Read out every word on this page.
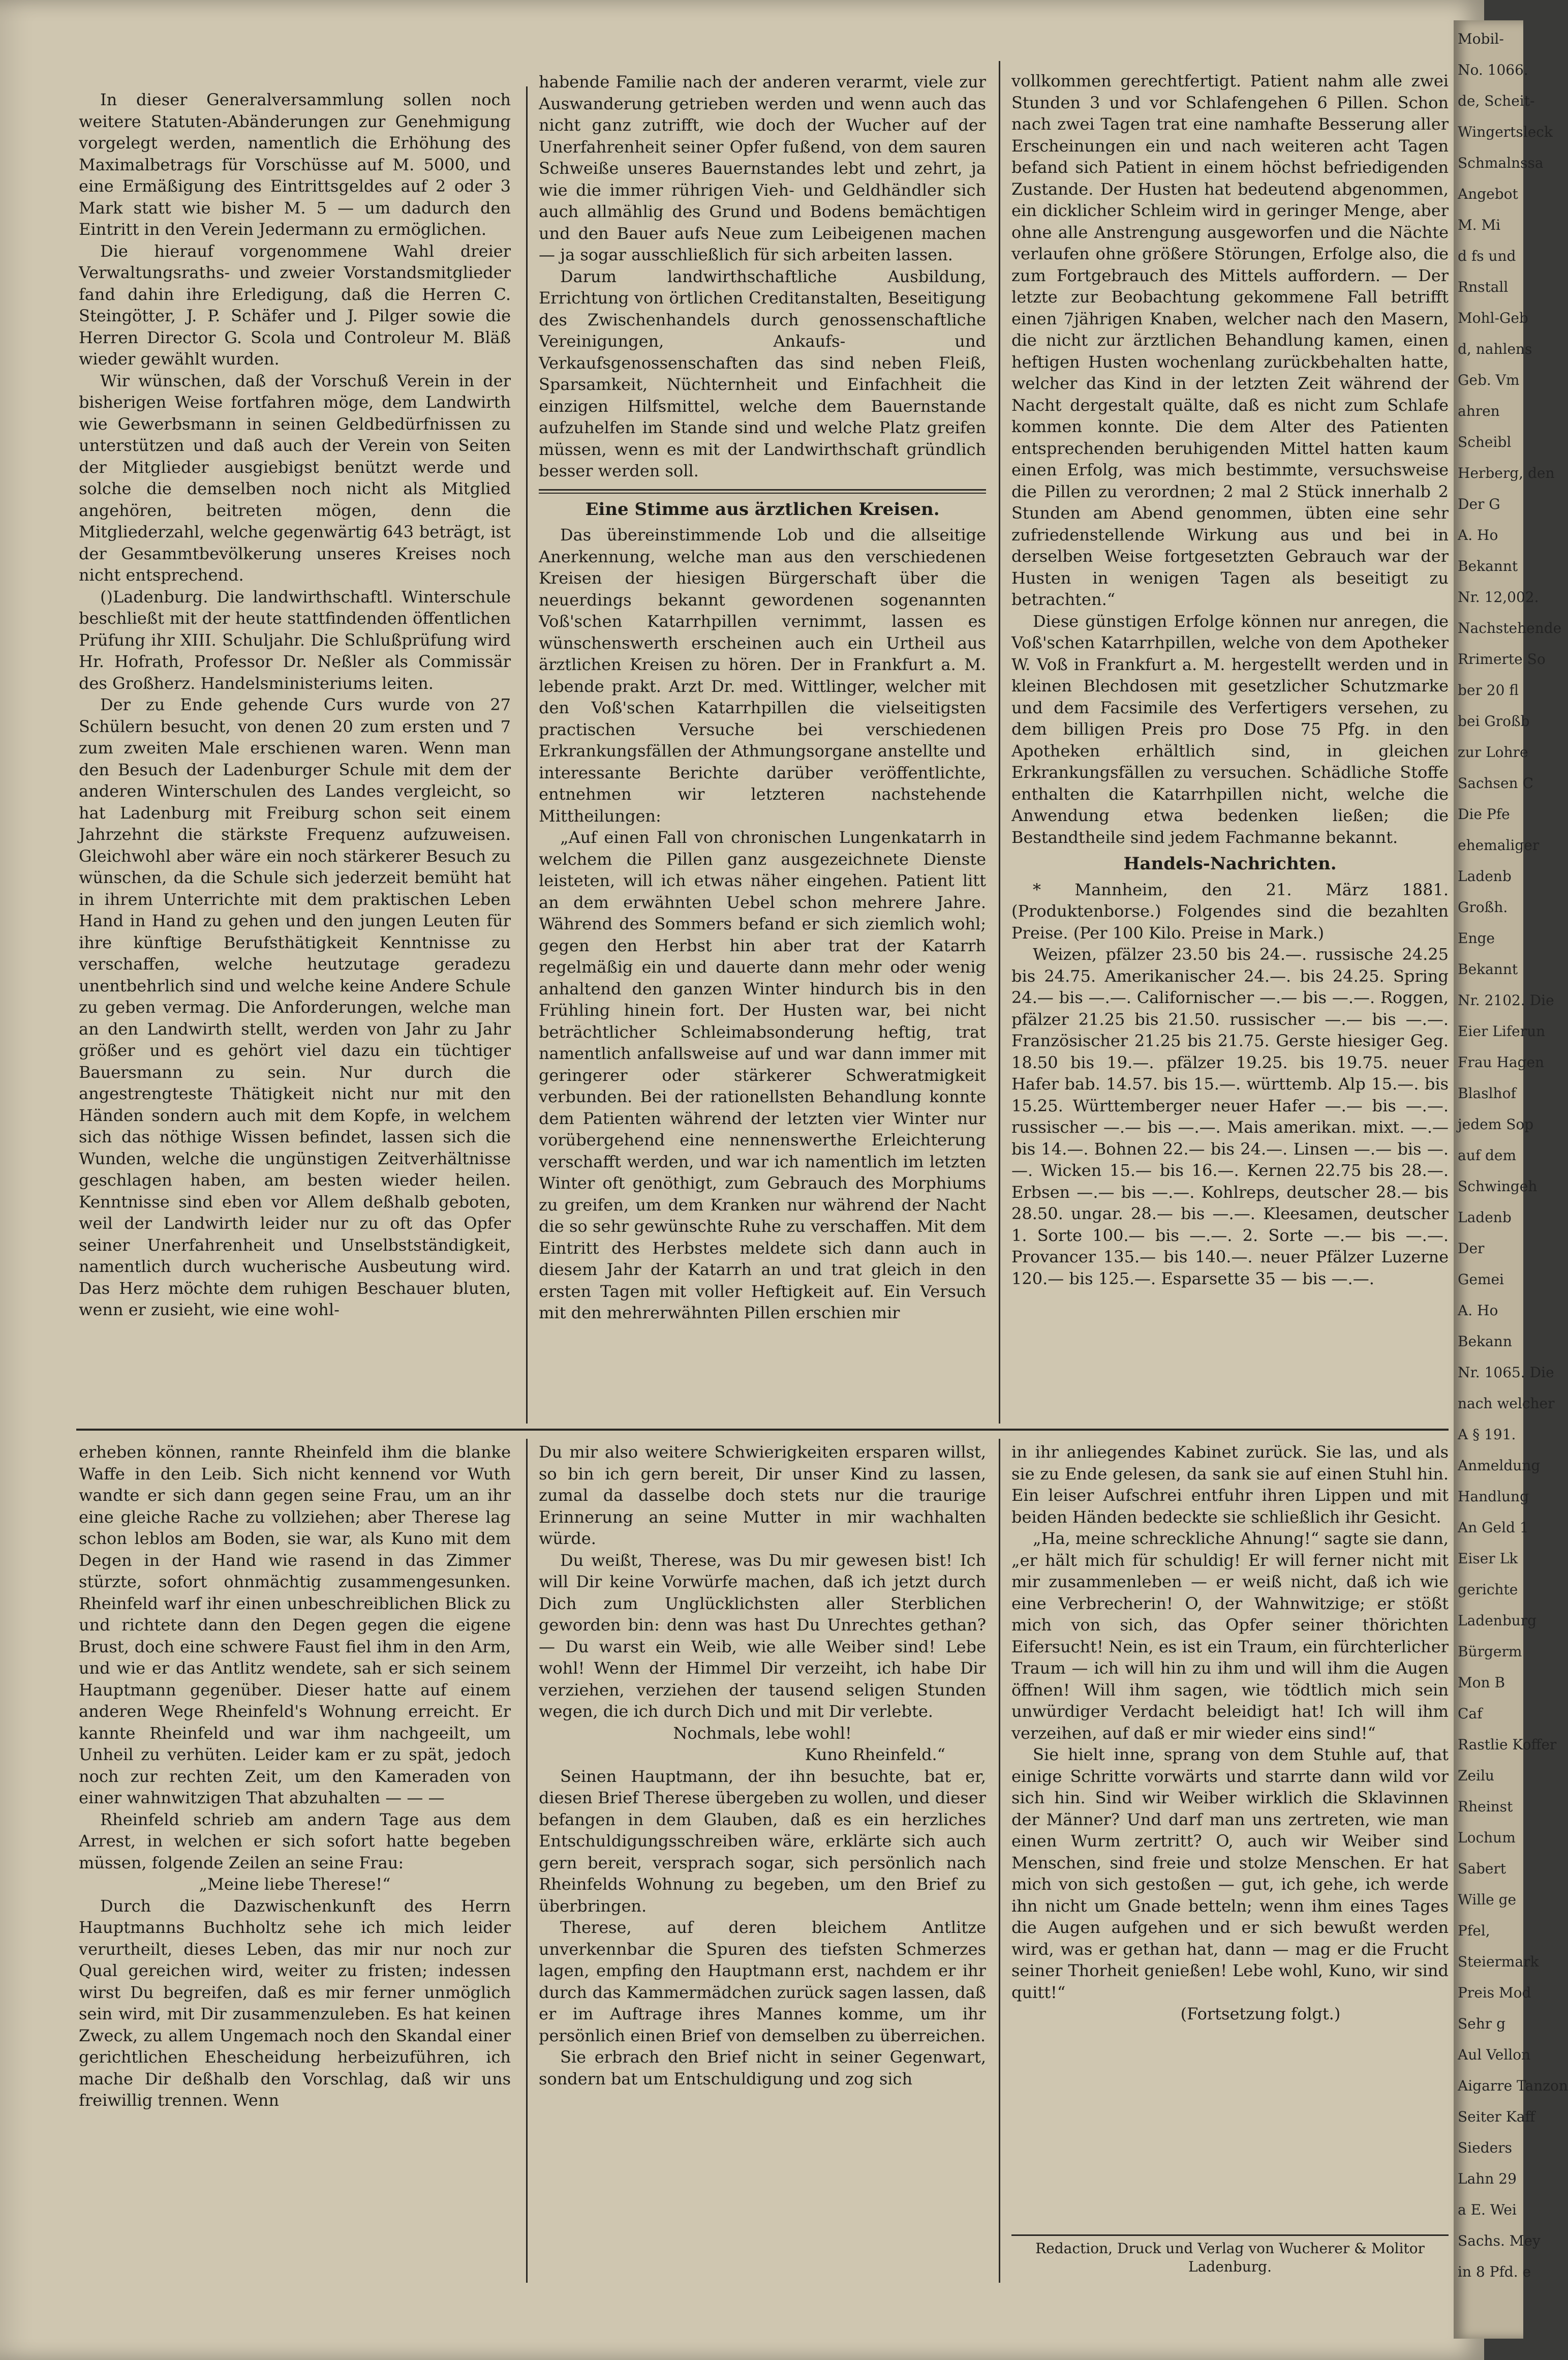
In dieser Generalversammlung sollen noch weitere Statuten-Abänderungen zur Genehmigung vorgelegt werden, namentlich die Erhöhung des Maximalbetrags für Vorschüsse auf M. 5000, und eine Ermäßigung des Eintrittsgeldes auf 2 oder 3 Mark statt wie bisher M. 5 — um dadurch den Eintritt in den Verein Jedermann zu ermöglichen.

Die hierauf vorgenommene Wahl dreier Verwaltungsraths- und zweier Vorstandsmitglieder fand dahin ihre Erledigung, daß die Herren C. Steingötter, J. P. Schäfer und J. Pilger sowie die Herren Director G. Scola und Controleur M. Bläß wieder gewählt wurden.

Wir wünschen, daß der Vorschuß Verein in der bisherigen Weise fortfahren möge, dem Landwirth wie Gewerbsmann in seinen Geldbedürfnissen zu unterstützen und daß auch der Verein von Seiten der Mitglieder ausgiebigst benützt werde und solche die demselben noch nicht als Mitglied angehören, beitreten mögen, denn die Mitgliederzahl, welche gegenwärtig 643 beträgt, ist der Gesammtbevölkerung unseres Kreises noch nicht entsprechend.

()Ladenburg. Die landwirthschaftl. Winterschule beschließt mit der heute stattfindenden öffentlichen Prüfung ihr XIII. Schuljahr. Die Schlußprüfung wird Hr. Hofrath, Professor Dr. Neßler als Commissär des Großherz. Handelsministeriums leiten.

Der zu Ende gehende Curs wurde von 27 Schülern besucht, von denen 20 zum ersten und 7 zum zweiten Male erschienen waren. Wenn man den Besuch der Ladenburger Schule mit dem der anderen Winterschulen des Landes vergleicht, so hat Ladenburg mit Freiburg schon seit einem Jahrzehnt die stärkste Frequenz aufzuweisen. Gleichwohl aber wäre ein noch stärkerer Besuch zu wünschen, da die Schule sich jederzeit bemüht hat in ihrem Unterrichte mit dem praktischen Leben Hand in Hand zu gehen und den jungen Leuten für ihre künftige Berufsthätigkeit Kenntnisse zu verschaffen, welche heutzutage geradezu unentbehrlich sind und welche keine Andere Schule zu geben vermag. Die Anforderungen, welche man an den Landwirth stellt, werden von Jahr zu Jahr größer und es gehört viel dazu ein tüchtiger Bauersmann zu sein. Nur durch die angestrengteste Thätigkeit nicht nur mit den Händen sondern auch mit dem Kopfe, in welchem sich das nöthige Wissen befindet, lassen sich die Wunden, welche die ungünstigen Zeitverhältnisse geschlagen haben, am besten wieder heilen. Kenntnisse sind eben vor Allem deßhalb geboten, weil der Landwirth leider nur zu oft das Opfer seiner Unerfahrenheit und Unselbstständigkeit, namentlich durch wucherische Ausbeutung wird. Das Herz möchte dem ruhigen Beschauer bluten, wenn er zusieht, wie eine wohl-

habende Familie nach der anderen verarmt, viele zur Auswanderung getrieben werden und wenn auch das nicht ganz zutrifft, wie doch der Wucher auf der Unerfahrenheit seiner Opfer fußend, von dem sauren Schweiße unseres Bauernstandes lebt und zehrt, ja wie die immer rührigen Vieh- und Geldhändler sich auch allmählig des Grund und Bodens bemächtigen und den Bauer aufs Neue zum Leibeigenen machen — ja sogar ausschließlich für sich arbeiten lassen.

Darum landwirthschaftliche Ausbildung, Errichtung von örtlichen Creditanstalten, Beseitigung des Zwischenhandels durch genossenschaftliche Vereinigungen, Ankaufs- und Verkaufsgenossenschaften das sind neben Fleiß, Sparsamkeit, Nüchternheit und Einfachheit die einzigen Hilfsmittel, welche dem Bauernstande aufzuhelfen im Stande sind und welche Platz greifen müssen, wenn es mit der Landwirthschaft gründlich besser werden soll.

Eine Stimme aus ärztlichen Kreisen.

Das übereinstimmende Lob und die allseitige Anerkennung, welche man aus den verschiedenen Kreisen der hiesigen Bürgerschaft über die neuerdings bekannt gewordenen sogenannten Voß'schen Katarrhpillen vernimmt, lassen es wünschenswerth erscheinen auch ein Urtheil aus ärztlichen Kreisen zu hören. Der in Frankfurt a. M. lebende prakt. Arzt Dr. med. Wittlinger, welcher mit den Voß'schen Katarrhpillen die vielseitigsten practischen Versuche bei verschiedenen Erkrankungsfällen der Athmungsorgane anstellte und interessante Berichte darüber veröffentlichte, entnehmen wir letzteren nachstehende Mittheilungen:

„Auf einen Fall von chronischen Lungenkatarrh in welchem die Pillen ganz ausgezeichnete Dienste leisteten, will ich etwas näher eingehen. Patient litt an dem erwähnten Uebel schon mehrere Jahre. Während des Sommers befand er sich ziemlich wohl; gegen den Herbst hin aber trat der Katarrh regelmäßig ein und dauerte dann mehr oder wenig anhaltend den ganzen Winter hindurch bis in den Frühling hinein fort. Der Husten war, bei nicht beträchtlicher Schleimabsonderung heftig, trat namentlich anfallsweise auf und war dann immer mit geringerer oder stärkerer Schweratmigkeit verbunden. Bei der rationellsten Behandlung konnte dem Patienten während der letzten vier Winter nur vorübergehend eine nennenswerthe Erleichterung verschafft werden, und war ich namentlich im letzten Winter oft genöthigt, zum Gebrauch des Morphiums zu greifen, um dem Kranken nur während der Nacht die so sehr gewünschte Ruhe zu verschaffen. Mit dem Eintritt des Herbstes meldete sich dann auch in diesem Jahr der Katarrh an und trat gleich in den ersten Tagen mit voller Heftigkeit auf. Ein Versuch mit den mehrerwähnten Pillen erschien mir

vollkommen gerechtfertigt. Patient nahm alle zwei Stunden 3 und vor Schlafengehen 6 Pillen. Schon nach zwei Tagen trat eine namhafte Besserung aller Erscheinungen ein und nach weiteren acht Tagen befand sich Patient in einem höchst befriedigenden Zustande. Der Husten hat bedeutend abgenommen, ein dicklicher Schleim wird in geringer Menge, aber ohne alle Anstrengung ausgeworfen und die Nächte verlaufen ohne größere Störungen, Erfolge also, die zum Fortgebrauch des Mittels auffordern. — Der letzte zur Beobachtung gekommene Fall betrifft einen 7jährigen Knaben, welcher nach den Masern, die nicht zur ärztlichen Behandlung kamen, einen heftigen Husten wochenlang zurückbehalten hatte, welcher das Kind in der letzten Zeit während der Nacht dergestalt quälte, daß es nicht zum Schlafe kommen konnte. Die dem Alter des Patienten entsprechenden beruhigenden Mittel hatten kaum einen Erfolg, was mich bestimmte, versuchsweise die Pillen zu verordnen; 2 mal 2 Stück innerhalb 2 Stunden am Abend genommen, übten eine sehr zufriedenstellende Wirkung aus und bei in derselben Weise fortgesetzten Gebrauch war der Husten in wenigen Tagen als beseitigt zu betrachten.“

Diese günstigen Erfolge können nur anregen, die Voß'schen Katarrhpillen, welche von dem Apotheker W. Voß in Frankfurt a. M. hergestellt werden und in kleinen Blechdosen mit gesetzlicher Schutzmarke und dem Facsimile des Verfertigers versehen, zu dem billigen Preis pro Dose 75 Pfg. in den Apotheken erhältlich sind, in gleichen Erkrankungsfällen zu versuchen. Schädliche Stoffe enthalten die Katarrhpillen nicht, welche die Anwendung etwa bedenken ließen; die Bestandtheile sind jedem Fachmanne bekannt.

Handels-Nachrichten.

* Mannheim, den 21. März 1881. (Produktenborse.) Folgendes sind die bezahlten Preise. (Per 100 Kilo. Preise in Mark.)

Weizen, pfälzer 23.50 bis 24.—. russische 24.25 bis 24.75. Amerikanischer 24.—. bis 24.25. Spring 24.— bis —.—. Californischer —.— bis —.—. Roggen, pfälzer 21.25 bis 21.50. russischer —.— bis —.—. Französischer 21.25 bis 21.75. Gerste hiesiger Geg. 18.50 bis 19.—. pfälzer 19.25. bis 19.75. neuer Hafer bab. 14.57. bis 15.—. württemb. Alp 15.—. bis 15.25. Württemberger neuer Hafer —.— bis —.—. russischer —.— bis —.—. Mais amerikan. mixt. —.— bis 14.—. Bohnen 22.— bis 24.—. Linsen —.— bis —.—. Wicken 15.— bis 16.—. Kernen 22.75 bis 28.—. Erbsen —.— bis —.—. Kohlreps, deutscher 28.— bis 28.50. ungar. 28.— bis —.—. Kleesamen, deutscher 1. Sorte 100.— bis —.—. 2. Sorte —.— bis —.—. Provancer 135.— bis 140.—. neuer Pfälzer Luzerne 120.— bis 125.—. Esparsette 35 — bis —.—.

erheben können, rannte Rheinfeld ihm die blanke Waffe in den Leib. Sich nicht kennend vor Wuth wandte er sich dann gegen seine Frau, um an ihr eine gleiche Rache zu vollziehen; aber Therese lag schon leblos am Boden, sie war, als Kuno mit dem Degen in der Hand wie rasend in das Zimmer stürzte, sofort ohnmächtig zusammengesunken. Rheinfeld warf ihr einen unbeschreiblichen Blick zu und richtete dann den Degen gegen die eigene Brust, doch eine schwere Faust fiel ihm in den Arm, und wie er das Antlitz wendete, sah er sich seinem Hauptmann gegenüber. Dieser hatte auf einem anderen Wege Rheinfeld's Wohnung erreicht. Er kannte Rheinfeld und war ihm nachgeeilt, um Unheil zu verhüten. Leider kam er zu spät, jedoch noch zur rechten Zeit, um den Kameraden von einer wahnwitzigen That abzuhalten — — —

Rheinfeld schrieb am andern Tage aus dem Arrest, in welchen er sich sofort hatte begeben müssen, folgende Zeilen an seine Frau:

„Meine liebe Therese!“

Durch die Dazwischenkunft des Herrn Hauptmanns Buchholtz sehe ich mich leider verurtheilt, dieses Leben, das mir nur noch zur Qual gereichen wird, weiter zu fristen; indessen wirst Du begreifen, daß es mir ferner unmöglich sein wird, mit Dir zusammenzuleben. Es hat keinen Zweck, zu allem Ungemach noch den Skandal einer gerichtlichen Ehescheidung herbeizuführen, ich mache Dir deßhalb den Vorschlag, daß wir uns freiwillig trennen. Wenn

Du mir also weitere Schwierigkeiten ersparen willst, so bin ich gern bereit, Dir unser Kind zu lassen, zumal da dasselbe doch stets nur die traurige Erinnerung an seine Mutter in mir wachhalten würde.

Du weißt, Therese, was Du mir gewesen bist! Ich will Dir keine Vorwürfe machen, daß ich jetzt durch Dich zum Unglücklichsten aller Sterblichen geworden bin: denn was hast Du Unrechtes gethan? — Du warst ein Weib, wie alle Weiber sind! Lebe wohl! Wenn der Himmel Dir verzeiht, ich habe Dir verziehen, verziehen der tausend seligen Stunden wegen, die ich durch Dich und mit Dir verlebte.

Nochmals, lebe wohl!

Kuno Rheinfeld.“

Seinen Hauptmann, der ihn besuchte, bat er, diesen Brief Therese übergeben zu wollen, und dieser befangen in dem Glauben, daß es ein herzliches Entschuldigungsschreiben wäre, erklärte sich auch gern bereit, versprach sogar, sich persönlich nach Rheinfelds Wohnung zu begeben, um den Brief zu überbringen.

Therese, auf deren bleichem Antlitze unverkennbar die Spuren des tiefsten Schmerzes lagen, empfing den Hauptmann erst, nachdem er ihr durch das Kammermädchen zurück sagen lassen, daß er im Auftrage ihres Mannes komme, um ihr persönlich einen Brief von demselben zu überreichen.

Sie erbrach den Brief nicht in seiner Gegenwart, sondern bat um Entschuldigung und zog sich

in ihr anliegendes Kabinet zurück. Sie las, und als sie zu Ende gelesen, da sank sie auf einen Stuhl hin. Ein leiser Aufschrei entfuhr ihren Lippen und mit beiden Händen bedeckte sie schließlich ihr Gesicht.

„Ha, meine schreckliche Ahnung!“ sagte sie dann, „er hält mich für schuldig! Er will ferner nicht mit mir zusammenleben — er weiß nicht, daß ich wie eine Verbrecherin! O, der Wahnwitzige; er stößt mich von sich, das Opfer seiner thörichten Eifersucht! Nein, es ist ein Traum, ein fürchterlicher Traum — ich will hin zu ihm und will ihm die Augen öffnen! Will ihm sagen, wie tödtlich mich sein unwürdiger Verdacht beleidigt hat! Ich will ihm verzeihen, auf daß er mir wieder eins sind!“

Sie hielt inne, sprang von dem Stuhle auf, that einige Schritte vorwärts und starrte dann wild vor sich hin. Sind wir Weiber wirklich die Sklavinnen der Männer? Und darf man uns zertreten, wie man einen Wurm zertritt? O, auch wir Weiber sind Menschen, sind freie und stolze Menschen. Er hat mich von sich gestoßen — gut, ich gehe, ich werde ihn nicht um Gnade betteln; wenn ihm eines Tages die Augen aufgehen und er sich bewußt werden wird, was er gethan hat, dann — mag er die Frucht seiner Thorheit genießen! Lebe wohl, Kuno, wir sind quitt!“

(Fortsetzung folgt.)

Redaction, Druck und Verlag von Wucherer & Molitor

Ladenburg.

Mobil-
No. 1066.
de, Scheit-
Wingertsleck
Schmalnssa
Angebot
M. Mi
d fs und
Rnstall
Mohl-Geb
d, nahlens
Geb. Vm
ahren
Scheibl
Herberg, den
Der G
A. Ho
Bekannt
Nr. 12,002.
Nachstehende
Rrimerte So
ber 20 fl
bei Großb
zur Lohre
Sachsen C
Die Pfe
ehemaliger
Ladenb
Großh.
Enge
Bekannt
Nr. 2102. Die
Eier Liferun
Frau Hagen
Blaslhof
jedem Sop
auf dem
Schwingeh
Ladenb
Der
Gemei
A. Ho
Bekann
Nr. 1065. Die
nach welcher
A § 191.
Anmeldung
Handlung
An Geld 1
Eiser Lk
gerichte
Ladenburg
Bürgerm
Mon B
Caf
Rastlie Koffer
Zeilu
Rheinst
Lochum
Sabert
Wille ge
Pfel,
Steiermark
Preis Mod
Sehr g
Aul Vellon
Aigarre Tanzon
Seiter Kaff
Sieders
Lahn 29
a E. Wei
Sachs. Mey
in 8 Pfd. e
